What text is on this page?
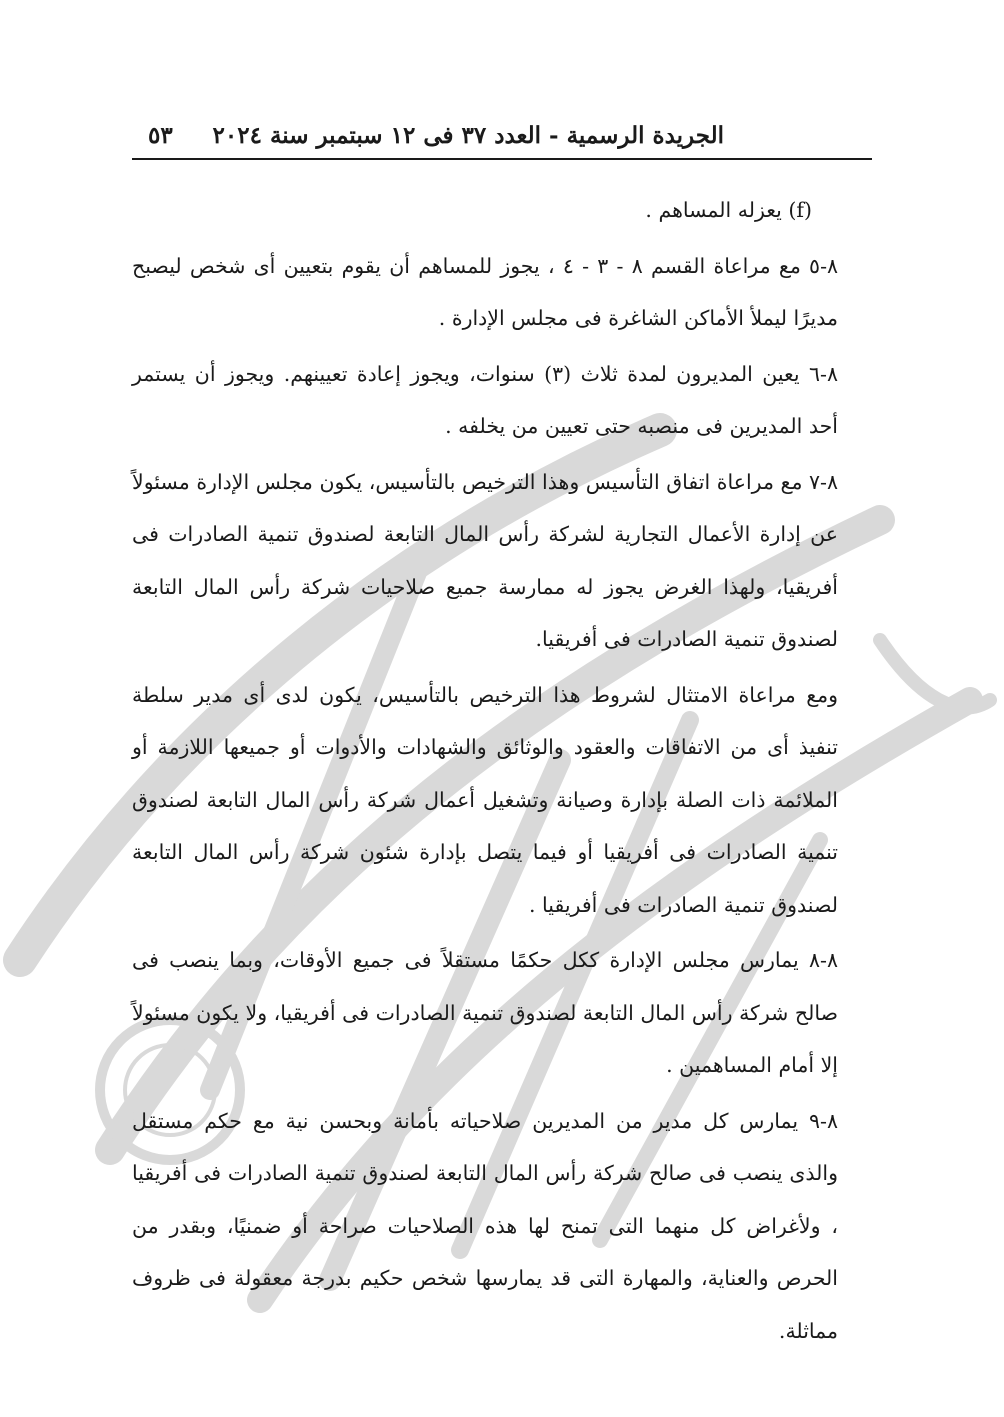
الجريدة الرسمية - العدد ٣٧ فى ١٢ سبتمبر سنة ٢٠٢٤
٥٣

(f) يعزله المساهم .

٨-٥ مع مراعاة القسم ٨ - ٣ - ٤ ، يجوز للمساهم أن يقوم بتعيين أى شخص ليصبح مديرًا ليملأ الأماكن الشاغرة فى مجلس الإدارة .

٨-٦ يعين المديرون لمدة ثلاث (٣) سنوات، ويجوز إعادة تعيينهم. ويجوز أن يستمر أحد المديرين فى منصبه حتى تعيين من يخلفه .

٨-٧ مع مراعاة اتفاق التأسيس وهذا الترخيص بالتأسيس، يكون مجلس الإدارة مسئولاً عن إدارة الأعمال التجارية لشركة رأس المال التابعة لصندوق تنمية الصادرات فى أفريقيا، ولهذا الغرض يجوز له ممارسة جميع صلاحيات شركة رأس المال التابعة لصندوق تنمية الصادرات فى أفريقيا.

ومع مراعاة الامتثال لشروط هذا الترخيص بالتأسيس، يكون لدى أى مدير سلطة تنفيذ أى من الاتفاقات والعقود والوثائق والشهادات والأدوات أو جميعها اللازمة أو الملائمة ذات الصلة بإدارة وصيانة وتشغيل أعمال شركة رأس المال التابعة لصندوق تنمية الصادرات فى أفريقيا أو فيما يتصل بإدارة شئون شركة رأس المال التابعة لصندوق تنمية الصادرات فى أفريقيا .

٨-٨ يمارس مجلس الإدارة ككل حكمًا مستقلاً فى جميع الأوقات، وبما ينصب فى صالح شركة رأس المال التابعة لصندوق تنمية الصادرات فى أفريقيا، ولا يكون مسئولاً إلا أمام المساهمين .

٨-٩ يمارس كل مدير من المديرين صلاحياته بأمانة وبحسن نية مع حكم مستقل والذى ينصب فى صالح شركة رأس المال التابعة لصندوق تنمية الصادرات فى أفريقيا ، ولأغراض كل منهما التى تمنح لها هذه الصلاحيات صراحة أو ضمنيًا، وبقدر من الحرص والعناية، والمهارة التى قد يمارسها شخص حكيم بدرجة معقولة فى ظروف مماثلة.
